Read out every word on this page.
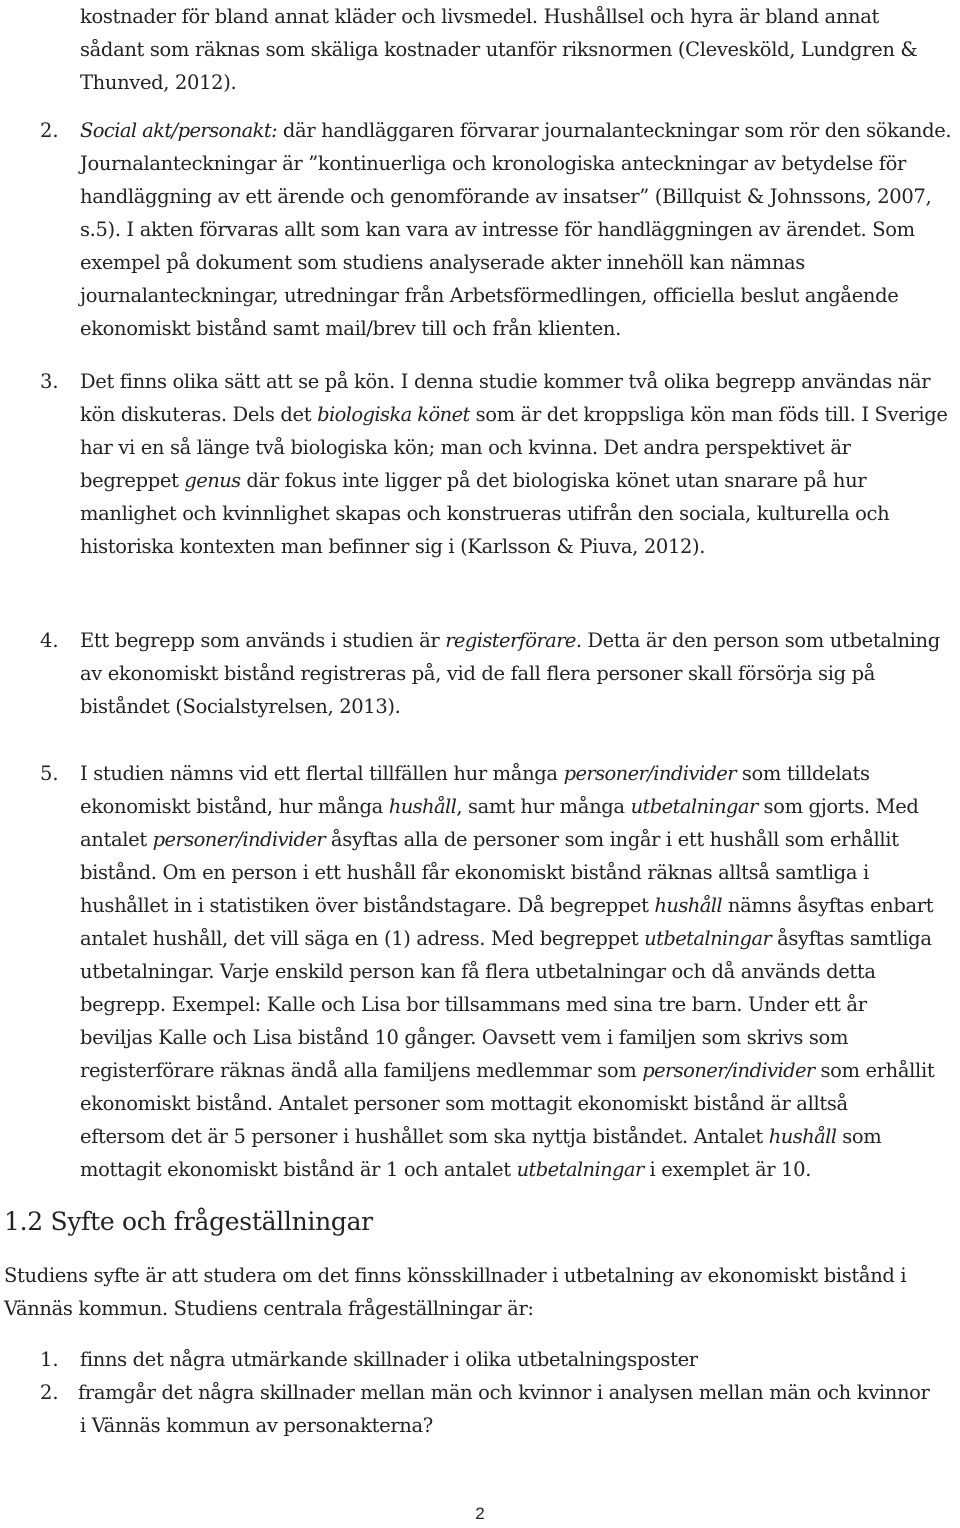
kostnader för bland annat kläder och livsmedel. Hushållsel och hyra är bland annat
sådant som räknas som skäliga kostnader utanför riksnormen (Clevesköld, Lundgren &
Thunved, 2012).
2. Social akt/personakt: där handläggaren förvarar journalanteckningar som rör den sökande.
Journalanteckningar är ”kontinuerliga och kronologiska anteckningar av betydelse för
handläggning av ett ärende och genomförande av insatser” (Billquist & Johnssons, 2007,
s.5). I akten förvaras allt som kan vara av intresse för handläggningen av ärendet. Som
exempel på dokument som studiens analyserade akter innehöll kan nämnas
journalanteckningar, utredningar från Arbetsförmedlingen, officiella beslut angående
ekonomiskt bistånd samt mail/brev till och från klienten.
3. Det finns olika sätt att se på kön. I denna studie kommer två olika begrepp användas när
kön diskuteras. Dels det biologiska könet som är det kroppsliga kön man föds till. I Sverige
har vi en så länge två biologiska kön; man och kvinna. Det andra perspektivet är
begreppet genus där fokus inte ligger på det biologiska könet utan snarare på hur
manlighet och kvinnlighet skapas och konstrueras utifrån den sociala, kulturella och
historiska kontexten man befinner sig i (Karlsson & Piuva, 2012).
4. Ett begrepp som används i studien är registerförare. Detta är den person som utbetalning
av ekonomiskt bistånd registreras på, vid de fall flera personer skall försörja sig på
biståndet (Socialstyrelsen, 2013).
5. I studien nämns vid ett flertal tillfällen hur många personer/individer som tilldelats
ekonomiskt bistånd, hur många hushåll, samt hur många utbetalningar som gjorts. Med
antalet personer/individer åsyftas alla de personer som ingår i ett hushåll som erhållit
bistånd. Om en person i ett hushåll får ekonomiskt bistånd räknas alltså samtliga i
hushållet in i statistiken över biståndstagare. Då begreppet hushåll nämns åsyftas enbart
antalet hushåll, det vill säga en (1) adress. Med begreppet utbetalningar åsyftas samtliga
utbetalningar. Varje enskild person kan få flera utbetalningar och då används detta
begrepp. Exempel: Kalle och Lisa bor tillsammans med sina tre barn. Under ett år
beviljas Kalle och Lisa bistånd 10 gånger. Oavsett vem i familjen som skrivs som
registerförare räknas ändå alla familjens medlemmar som personer/individer som erhållit
ekonomiskt bistånd. Antalet personer som mottagit ekonomiskt bistånd är alltså
eftersom det är 5 personer i hushållet som ska nyttja biståndet. Antalet hushåll som
mottagit ekonomiskt bistånd är 1 och antalet utbetalningar i exemplet är 10.
1.2 Syfte och frågeställningar
Studiens syfte är att studera om det finns könsskillnader i utbetalning av ekonomiskt bistånd i
Vännäs kommun. Studiens centrala frågeställningar är:
1. finns det några utmärkande skillnader i olika utbetalningsposter
2. framgår det några skillnader mellan män och kvinnor i analysen mellan män och kvinnor
i Vännäs kommun av personakterna?
2
